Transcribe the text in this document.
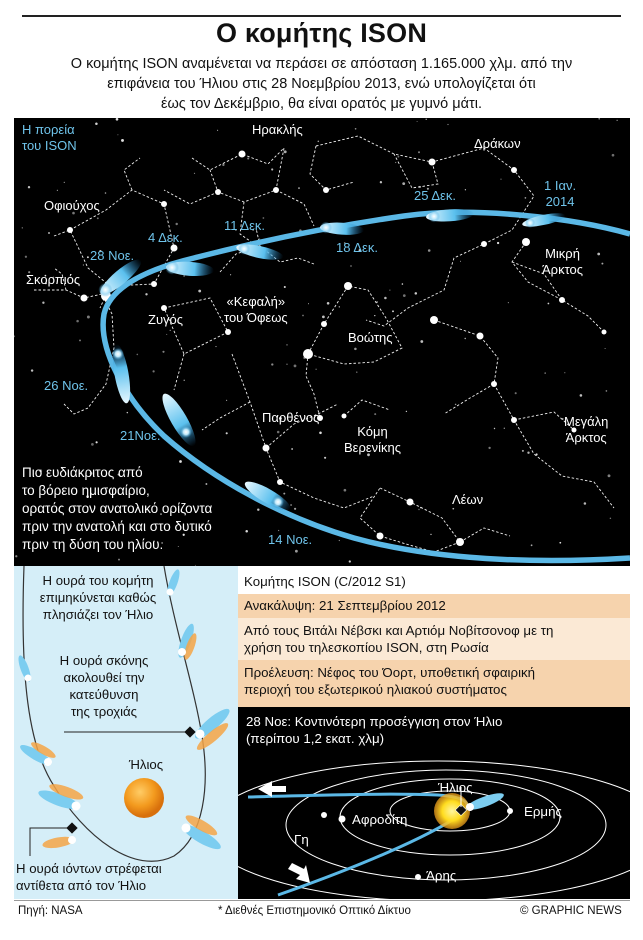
Ο κομήτης ISON
Ο κομήτης ISON αναμένεται να περάσει σε απόσταση 1.165.000 χλμ. από την
επιφάνεια του Ήλιου στις 28 Νοεμβρίου 2013, ενώ υπολογίζεται ότι
έως τον Δεκέμβριο, θα είναι ορατός με γυμνό μάτι.
Η πορεία
του ISON
Ηρακλής
Δράκων
Οφιούχος
Σκορπιός
Ζυγός
«Κεφαλή»
του Όφεως
Βοώτης
Μικρή
Άρκτος
Παρθένος
Κόμη
Βερενίκης
Μεγάλη
Άρκτος
Λέων
14 Νοε.
21Νοε.
26 Νοε.
28 Νοε.
4 Δεκ.
11 Δεκ.
18 Δεκ.
25 Δεκ.
1 Ιαν.
2014
Πιο ευδιάκριτος από
το βόρειο ημισφαίριο,
ορατός στον ανατολικό ορίζοντα
πριν την ανατολή και στο δυτικό
πριν τη δύση του ηλίου.
Η ουρά του κομήτη
επιμηκύνεται καθώς
πλησιάζει τον Ήλιο
Η ουρά σκόνης
ακολουθεί την
κατεύθυνση
της τροχιάς
Ήλιος
Η ουρά ιόντων στρέφεται
αντίθετα από τον Ήλιο
Κομήτης ISON (C/2012 S1)
Ανακάλυψη: 21 Σεπτεμβρίου 2012
Από τους Βιτάλι Νέβσκι και Αρτιόμ Νοβίτσονοφ με τη
χρήση του τηλεσκοπίου ISON, στη Ρωσία
Προέλευση: Νέφος του Όορτ, υποθετική σφαιρική
περιοχή του εξωτερικού ηλιακού συστήματος
28 Νοε: Κοντινότερη προσέγγιση στον Ήλιο
(περίπου 1,2 εκατ. χλμ)
Ήλιος
Αφροδίτη
Ερμής
Γη
Άρης
Πηγή: NASA	* Διεθνές Επιστημονικό Οπτικό Δίκτυο	© GRAPHIC NEWS
